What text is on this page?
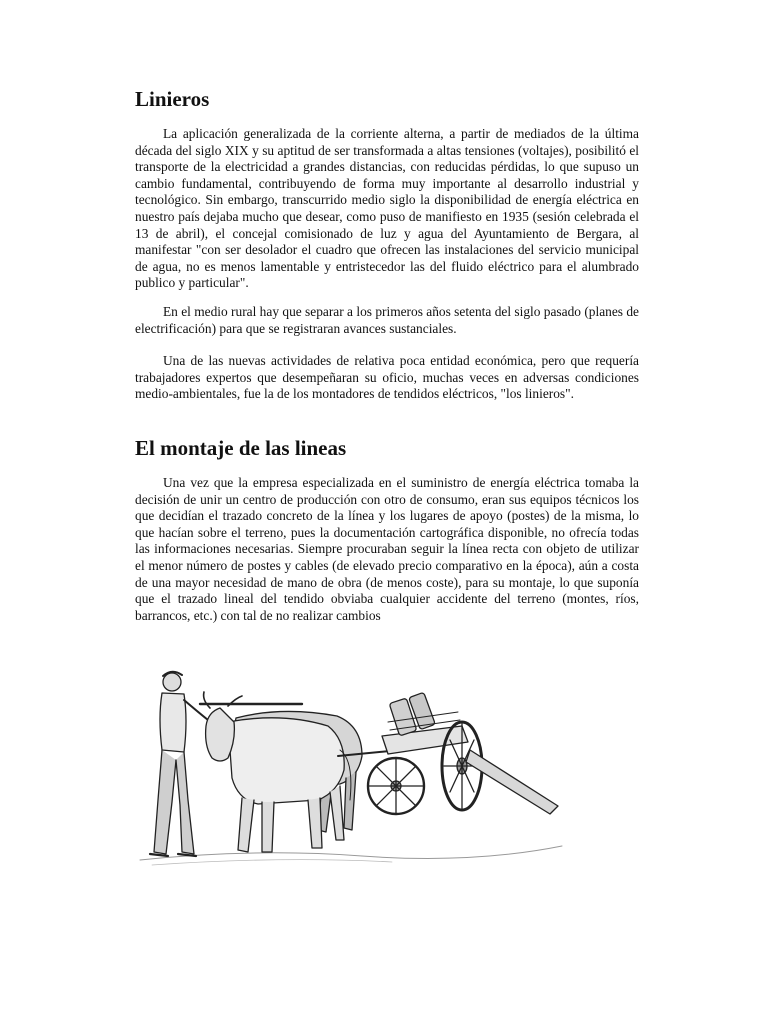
Linieros

La aplicación generalizada de la corriente alterna, a partir de mediados de la última década del siglo XIX y su aptitud de ser transformada a altas tensiones (voltajes), posibilitó el transporte de la electricidad a grandes distancias, con reducidas pérdidas, lo que supuso un cambio fundamental, contribuyendo de forma muy importante al desarrollo industrial y tecnológico. Sin embargo, transcurrido medio siglo la disponibilidad de energía eléctrica en nuestro país dejaba mucho que desear, como puso de manifiesto en 1935 (sesión celebrada el 13 de abril), el concejal comisionado de luz y agua del Ayuntamiento de Bergara, al manifestar "con ser desolador el cuadro que ofrecen las instalaciones del servicio municipal de agua, no es menos lamentable y entristecedor las del fluido eléctrico para el alumbrado publico y particular".

En el medio rural hay que separar a los primeros años setenta del siglo pasado (planes de electrificación) para que se registraran avances sustanciales.

Una de las nuevas actividades de relativa poca entidad económica, pero que requería trabajadores expertos que desempeñaran su oficio, muchas veces en adversas condiciones medio-ambientales, fue la de los montadores de tendidos eléctricos, "los linieros".

El montaje de las lineas

Una vez que la empresa especializada en el suministro de energía eléctrica tomaba la decisión de unir un centro de producción con otro de consumo, eran sus equipos técnicos los que decidían el trazado concreto de la línea y los lugares de apoyo (postes) de la misma, lo que hacían sobre el terreno, pues la documentación cartográfica disponible, no ofrecía todas las informaciones necesarias. Siempre procuraban seguir la línea recta con objeto de utilizar el menor número de postes y cables (de elevado precio comparativo en la época), aún a costa de una mayor necesidad de mano de obra (de menos coste), para su montaje, lo que suponía que el trazado lineal del tendido obviaba cualquier accidente del terreno (montes, ríos, barrancos, etc.) con tal de no realizar cambios
